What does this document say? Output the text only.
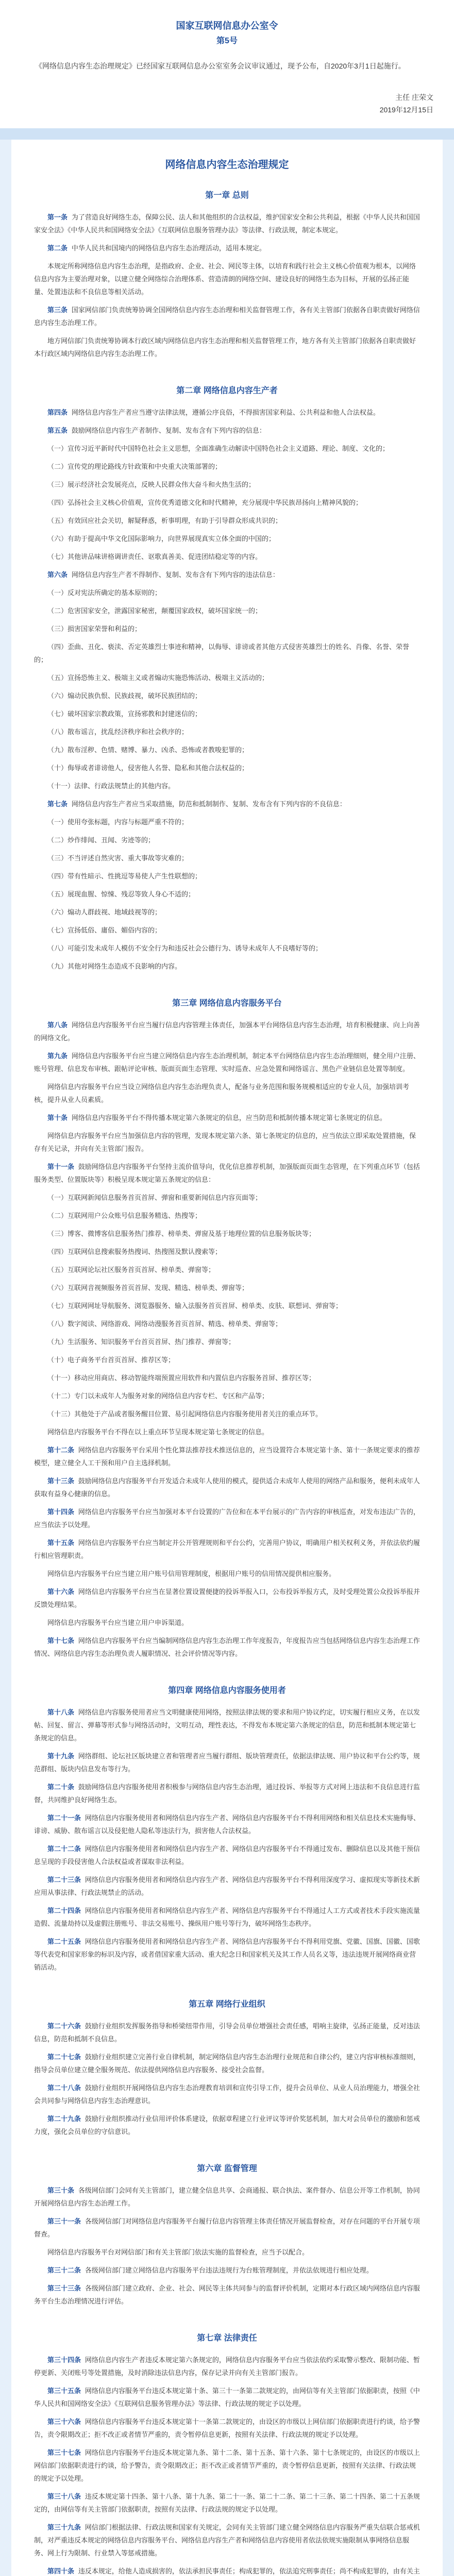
国家互联网信息办公室令

第5号

《网络信息内容生态治理规定》已经国家互联网信息办公室室务会议审议通过，现予公布，自2020年3月1日起施行。

主任 庄荣文

2019年12月15日

网络信息内容生态治理规定

第一章 总则

第一条 为了营造良好网络生态，保障公民、法人和其他组织的合法权益，维护国家安全和公共利益，根据《中华人民共和国国家安全法》《中华人民共和国网络安全法》《互联网信息服务管理办法》等法律、行政法规，制定本规定。

第二条 中华人民共和国境内的网络信息内容生态治理活动，适用本规定。

本规定所称网络信息内容生态治理，是指政府、企业、社会、网民等主体，以培育和践行社会主义核心价值观为根本，以网络信息内容为主要治理对象，以建立健全网络综合治理体系、营造清朗的网络空间、建设良好的网络生态为目标，开展的弘扬正能量、处置违法和不良信息等相关活动。

第三条 国家网信部门负责统筹协调全国网络信息内容生态治理和相关监督管理工作，各有关主管部门依据各自职责做好网络信息内容生态治理工作。

地方网信部门负责统筹协调本行政区域内网络信息内容生态治理和相关监督管理工作，地方各有关主管部门依据各自职责做好本行政区域内网络信息内容生态治理工作。

第二章 网络信息内容生产者

第四条 网络信息内容生产者应当遵守法律法规，遵循公序良俗，不得损害国家利益、公共利益和他人合法权益。

第五条 鼓励网络信息内容生产者制作、复制、发布含有下列内容的信息：

（一）宣传习近平新时代中国特色社会主义思想，全面准确生动解读中国特色社会主义道路、理论、制度、文化的；

（二）宣传党的理论路线方针政策和中央重大决策部署的；

（三）展示经济社会发展亮点，反映人民群众伟大奋斗和火热生活的；

（四）弘扬社会主义核心价值观，宣传优秀道德文化和时代精神，充分展现中华民族昂扬向上精神风貌的；

（五）有效回应社会关切，解疑释惑，析事明理，有助于引导群众形成共识的；

（六）有助于提高中华文化国际影响力，向世界展现真实立体全面的中国的；

（七）其他讲品味讲格调讲责任、讴歌真善美、促进团结稳定等的内容。

第六条 网络信息内容生产者不得制作、复制、发布含有下列内容的违法信息：

（一）反对宪法所确定的基本原则的；

（二）危害国家安全，泄露国家秘密，颠覆国家政权，破坏国家统一的；

（三）损害国家荣誉和利益的；

（四）歪曲、丑化、亵渎、否定英雄烈士事迹和精神，以侮辱、诽谤或者其他方式侵害英雄烈士的姓名、肖像、名誉、荣誉的；

（五）宣扬恐怖主义、极端主义或者煽动实施恐怖活动、极端主义活动的；

（六）煽动民族仇恨、民族歧视，破坏民族团结的；

（七）破坏国家宗教政策，宣扬邪教和封建迷信的；

（八）散布谣言，扰乱经济秩序和社会秩序的；

（九）散布淫秽、色情、赌博、暴力、凶杀、恐怖或者教唆犯罪的；

（十）侮辱或者诽谤他人，侵害他人名誉、隐私和其他合法权益的；

（十一）法律、行政法规禁止的其他内容。

第七条 网络信息内容生产者应当采取措施，防范和抵制制作、复制、发布含有下列内容的不良信息：

（一）使用夸张标题，内容与标题严重不符的；

（二）炒作绯闻、丑闻、劣迹等的；

（三）不当评述自然灾害、重大事故等灾难的；

（四）带有性暗示、性挑逗等易使人产生性联想的；

（五）展现血腥、惊悚、残忍等致人身心不适的；

（六）煽动人群歧视、地域歧视等的；

（七）宣扬低俗、庸俗、媚俗内容的；

（八）可能引发未成年人模仿不安全行为和违反社会公德行为、诱导未成年人不良嗜好等的；

（九）其他对网络生态造成不良影响的内容。

第三章 网络信息内容服务平台

第八条 网络信息内容服务平台应当履行信息内容管理主体责任，加强本平台网络信息内容生态治理，培育积极健康、向上向善的网络文化。

第九条 网络信息内容服务平台应当建立网络信息内容生态治理机制，制定本平台网络信息内容生态治理细则，健全用户注册、账号管理、信息发布审核、跟帖评论审核、版面页面生态管理、实时巡查、应急处置和网络谣言、黑色产业链信息处置等制度。

网络信息内容服务平台应当设立网络信息内容生态治理负责人，配备与业务范围和服务规模相适应的专业人员，加强培训考核，提升从业人员素质。

第十条 网络信息内容服务平台不得传播本规定第六条规定的信息，应当防范和抵制传播本规定第七条规定的信息。

网络信息内容服务平台应当加强信息内容的管理，发现本规定第六条、第七条规定的信息的，应当依法立即采取处置措施，保存有关记录，并向有关主管部门报告。

第十一条 鼓励网络信息内容服务平台坚持主流价值导向，优化信息推荐机制，加强版面页面生态管理，在下列重点环节（包括服务类型、位置版块等）积极呈现本规定第五条规定的信息：

（一）互联网新闻信息服务首页首屏、弹窗和重要新闻信息内容页面等；

（二）互联网用户公众账号信息服务精选、热搜等；

（三）博客、微博客信息服务热门推荐、榜单类、弹窗及基于地理位置的信息服务版块等；

（四）互联网信息搜索服务热搜词、热搜图及默认搜索等；

（五）互联网论坛社区服务首页首屏、榜单类、弹窗等；

（六）互联网音视频服务首页首屏、发现、精选、榜单类、弹窗等；

（七）互联网网址导航服务、浏览器服务、输入法服务首页首屏、榜单类、皮肤、联想词、弹窗等；

（八）数字阅读、网络游戏、网络动漫服务首页首屏、精选、榜单类、弹窗等；

（九）生活服务、知识服务平台首页首屏、热门推荐、弹窗等；

（十）电子商务平台首页首屏、推荐区等；

（十一）移动应用商店、移动智能终端预置应用软件和内置信息内容服务首屏、推荐区等；

（十二）专门以未成年人为服务对象的网络信息内容专栏、专区和产品等；

（十三）其他处于产品或者服务醒目位置、易引起网络信息内容服务使用者关注的重点环节。

网络信息内容服务平台不得在以上重点环节呈现本规定第七条规定的信息。

第十二条 网络信息内容服务平台采用个性化算法推荐技术推送信息的，应当设置符合本规定第十条、第十一条规定要求的推荐模型，建立健全人工干预和用户自主选择机制。

第十三条 鼓励网络信息内容服务平台开发适合未成年人使用的模式，提供适合未成年人使用的网络产品和服务，便利未成年人获取有益身心健康的信息。

第十四条 网络信息内容服务平台应当加强对本平台设置的广告位和在本平台展示的广告内容的审核巡查，对发布违法广告的，应当依法予以处理。

第十五条 网络信息内容服务平台应当制定并公开管理规则和平台公约，完善用户协议，明确用户相关权利义务，并依法依约履行相应管理职责。

网络信息内容服务平台应当建立用户账号信用管理制度，根据用户账号的信用情况提供相应服务。

第十六条 网络信息内容服务平台应当在显著位置设置便捷的投诉举报入口，公布投诉举报方式，及时受理处置公众投诉举报并反馈处理结果。

网络信息内容服务平台应当建立用户申诉渠道。

第十七条 网络信息内容服务平台应当编制网络信息内容生态治理工作年度报告，年度报告应当包括网络信息内容生态治理工作情况、网络信息内容生态治理负责人履职情况、社会评价情况等内容。

第四章 网络信息内容服务使用者

第十八条 网络信息内容服务使用者应当文明健康使用网络，按照法律法规的要求和用户协议约定，切实履行相应义务，在以发帖、回复、留言、弹幕等形式参与网络活动时，文明互动，理性表达，不得发布本规定第六条规定的信息，防范和抵制本规定第七条规定的信息。

第十九条 网络群组、论坛社区版块建立者和管理者应当履行群组、版块管理责任，依据法律法规、用户协议和平台公约等，规范群组、版块内信息发布等行为。

第二十条 鼓励网络信息内容服务使用者积极参与网络信息内容生态治理，通过投诉、举报等方式对网上违法和不良信息进行监督，共同维护良好网络生态。

第二十一条 网络信息内容服务使用者和网络信息内容生产者、网络信息内容服务平台不得利用网络和相关信息技术实施侮辱、诽谤、威胁、散布谣言以及侵犯他人隐私等违法行为，损害他人合法权益。

第二十二条 网络信息内容服务使用者和网络信息内容生产者、网络信息内容服务平台不得通过发布、删除信息以及其他干预信息呈现的手段侵害他人合法权益或者谋取非法利益。

第二十三条 网络信息内容服务使用者和网络信息内容生产者、网络信息内容服务平台不得利用深度学习、虚拟现实等新技术新应用从事法律、行政法规禁止的活动。

第二十四条 网络信息内容服务使用者和网络信息内容生产者、网络信息内容服务平台不得通过人工方式或者技术手段实施流量造假、流量劫持以及虚假注册账号、非法交易账号、操纵用户账号等行为，破坏网络生态秩序。

第二十五条 网络信息内容服务使用者和网络信息内容生产者、网络信息内容服务平台不得利用党旗、党徽、国旗、国徽、国歌等代表党和国家形象的标识及内容，或者借国家重大活动、重大纪念日和国家机关及其工作人员名义等，违法违规开展网络商业营销活动。

第五章 网络行业组织

第二十六条 鼓励行业组织发挥服务指导和桥梁纽带作用，引导会员单位增强社会责任感，唱响主旋律，弘扬正能量，反对违法信息，防范和抵制不良信息。

第二十七条 鼓励行业组织建立完善行业自律机制，制定网络信息内容生态治理行业规范和自律公约，建立内容审核标准细则，指导会员单位建立健全服务规范、依法提供网络信息内容服务、接受社会监督。

第二十八条 鼓励行业组织开展网络信息内容生态治理教育培训和宣传引导工作，提升会员单位、从业人员治理能力，增强全社会共同参与网络信息内容生态治理意识。

第二十九条 鼓励行业组织推动行业信用评价体系建设，依据章程建立行业评议等评价奖惩机制，加大对会员单位的激励和惩戒力度，强化会员单位的守信意识。

第六章 监督管理

第三十条 各级网信部门会同有关主管部门，建立健全信息共享、会商通报、联合执法、案件督办、信息公开等工作机制，协同开展网络信息内容生态治理工作。

第三十一条 各级网信部门对网络信息内容服务平台履行信息内容管理主体责任情况开展监督检查，对存在问题的平台开展专项督查。

网络信息内容服务平台对网信部门和有关主管部门依法实施的监督检查，应当予以配合。

第三十二条 各级网信部门建立网络信息内容服务平台违法违规行为台账管理制度，并依法依规进行相应处理。

第三十三条 各级网信部门建立政府、企业、社会、网民等主体共同参与的监督评价机制，定期对本行政区域内网络信息内容服务平台生态治理情况进行评估。

第七章 法律责任

第三十四条 网络信息内容生产者违反本规定第六条规定的，网络信息内容服务平台应当依法依约采取警示整改、限制功能、暂停更新、关闭账号等处置措施，及时消除违法信息内容，保存记录并向有关主管部门报告。

第三十五条 网络信息内容服务平台违反本规定第十条、第三十一条第二款规定的，由网信等有关主管部门依据职责，按照《中华人民共和国网络安全法》《互联网信息服务管理办法》等法律、行政法规的规定予以处理。

第三十六条 网络信息内容服务平台违反本规定第十一条第二款规定的，由设区的市级以上网信部门依据职责进行约谈，给予警告，责令限期改正；拒不改正或者情节严重的，责令暂停信息更新，按照有关法律、行政法规的规定予以处理。

第三十七条 网络信息内容服务平台违反本规定第九条、第十二条、第十五条、第十六条、第十七条规定的，由设区的市级以上网信部门依据职责进行约谈，给予警告，责令限期改正；拒不改正或者情节严重的，责令暂停信息更新，按照有关法律、行政法规的规定予以处理。

第三十八条 违反本规定第十四条、第十八条、第十九条、第二十一条、第二十二条、第二十三条、第二十四条、第二十五条规定的，由网信等有关主管部门依据职责，按照有关法律、行政法规的规定予以处理。

第三十九条 网信部门根据法律、行政法规和国家有关规定，会同有关主管部门建立健全网络信息内容服务严重失信联合惩戒机制，对严重违反本规定的网络信息内容服务平台、网络信息内容生产者和网络信息内容使用者依法依规实施限制从事网络信息服务、网上行为限制、行业禁入等惩戒措施。

第四十条 违反本规定，给他人造成损害的，依法承担民事责任；构成犯罪的，依法追究刑事责任；尚不构成犯罪的，由有关主
